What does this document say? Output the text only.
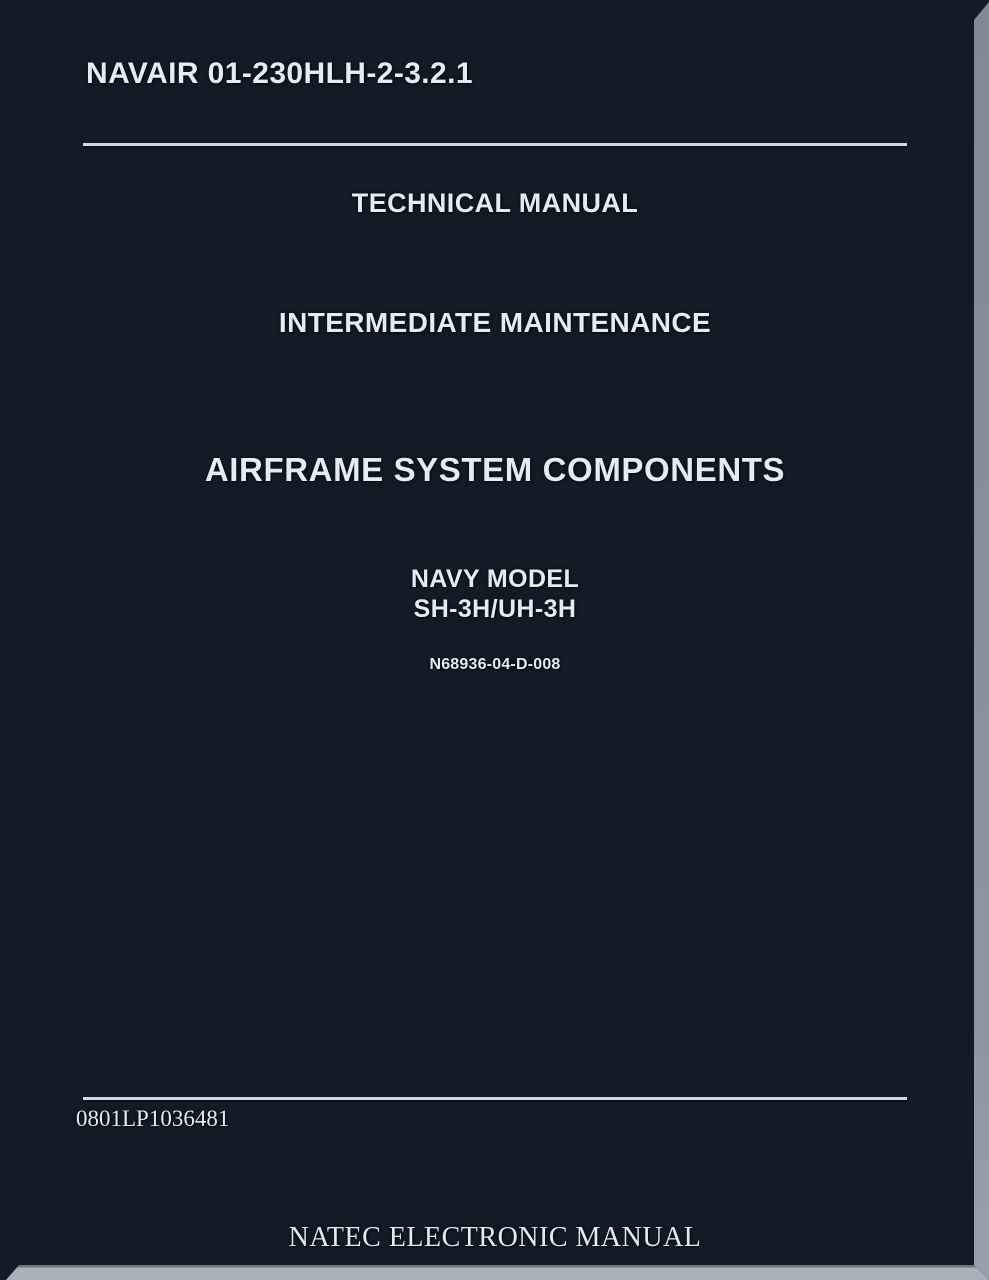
NAVAIR 01-230HLH-2-3.2.1
TECHNICAL MANUAL
INTERMEDIATE MAINTENANCE
AIRFRAME SYSTEM COMPONENTS
NAVY MODEL
SH-3H/UH-3H
N68936-04-D-008
0801LP1036481
NATEC ELECTRONIC MANUAL
